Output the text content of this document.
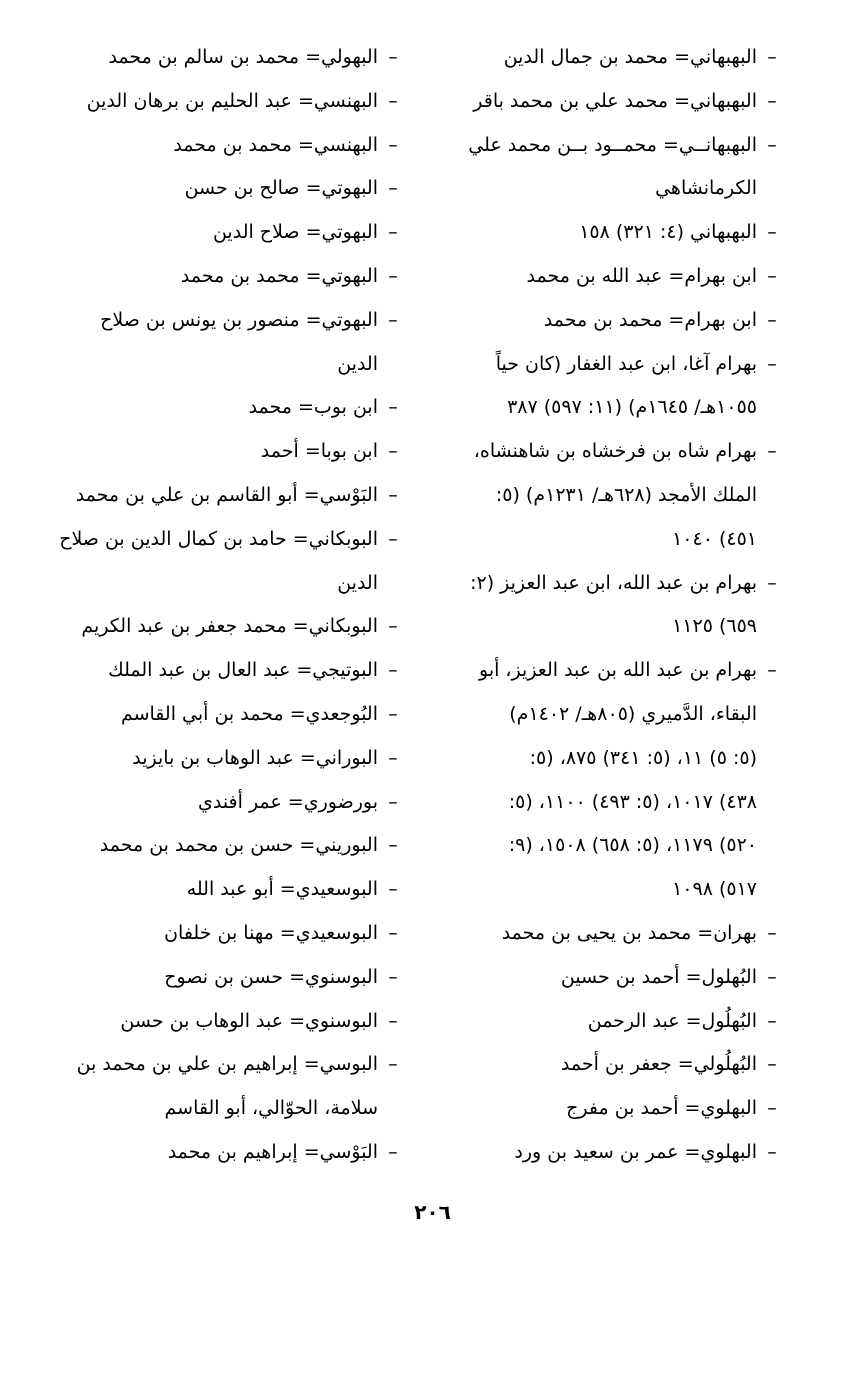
–
البهبهاني= محمد بن جمال الدين
–
البهبهاني= محمد علي بن محمد باقر
–
البهبهانــي= محمــود بــن محمد علي
الكرمانشاهي
–
البهبهاني (٤: ٣٢١) ١٥٨
–
ابن بهرام= عبد الله بن محمد
–
ابن بهرام= محمد بن محمد
–
بهرام آغا، ابن عبد الغفار (كان حياً
١٠٥٥هـ/ ١٦٤٥م) (١١: ٥٩٧) ٣٨٧
–
بهرام شاه بن فرخشاه بن شاهنشاه،
الملك الأمجد (٦٢٨هـ/ ١٢٣١م) (٥:
٤٥١) ١٠٤٠
–
بهرام بن عبد الله، ابن عبد العزيز (٢:
٦٥٩) ١١٢٥
–
بهرام بن عبد الله بن عبد العزيز، أبو
البقاء، الدَّميري (٨٠٥هـ/ ١٤٠٢م)
(٥: ٥) ١١، (٥: ٣٤١) ٨٧٥، (٥:
٤٣٨) ١٠١٧، (٥: ٤٩٣) ١١٠٠، (٥:
٥٢٠) ١١٧٩، (٥: ٦٥٨) ١٥٠٨، (٩:
٥١٧) ١٠٩٨
–
بهران= محمد بن يحيى بن محمد
–
البُهلول= أحمد بن حسين
–
البُهلُول= عبد الرحمن
–
البُهلُولي= جعفر بن أحمد
–
البهلوي= أحمد بن مفرج
–
البهلوي= عمر بن سعيد بن ورد
–
البهولي= محمد بن سالم بن محمد
–
البهنسي= عبد الحليم بن برهان الدين
–
البهنسي= محمد بن محمد
–
البهوتي= صالح بن حسن
–
البهوتي= صلاح الدين
–
البهوتي= محمد بن محمد
–
البهوتي= منصور بن يونس بن صلاح
الدين
–
ابن بوب= محمد
–
ابن بوبا= أحمد
–
البَوْسي= أبو القاسم بن علي بن محمد
–
البوبكاني= حامد بن كمال الدين بن صلاح
الدين
–
البوبكاني= محمد جعفر بن عبد الكريم
–
البوتيجي= عبد العال بن عبد الملك
–
البُوجعدي= محمد بن أبي القاسم
–
البوراني= عبد الوهاب بن بايزيد
–
بورضوري= عمر أفندي
–
البوريني= حسن بن محمد بن محمد
–
البوسعيدي= أبو عبد الله
–
البوسعيدي= مهنا بن خلفان
–
البوسنوي= حسن بن نصوح
–
البوسنوي= عبد الوهاب بن حسن
–
البوسي= إبراهيم بن علي بن محمد بن
سلامة، الحوّالي، أبو القاسم
–
البَوْسي= إبراهيم بن محمد
٢٠٦
